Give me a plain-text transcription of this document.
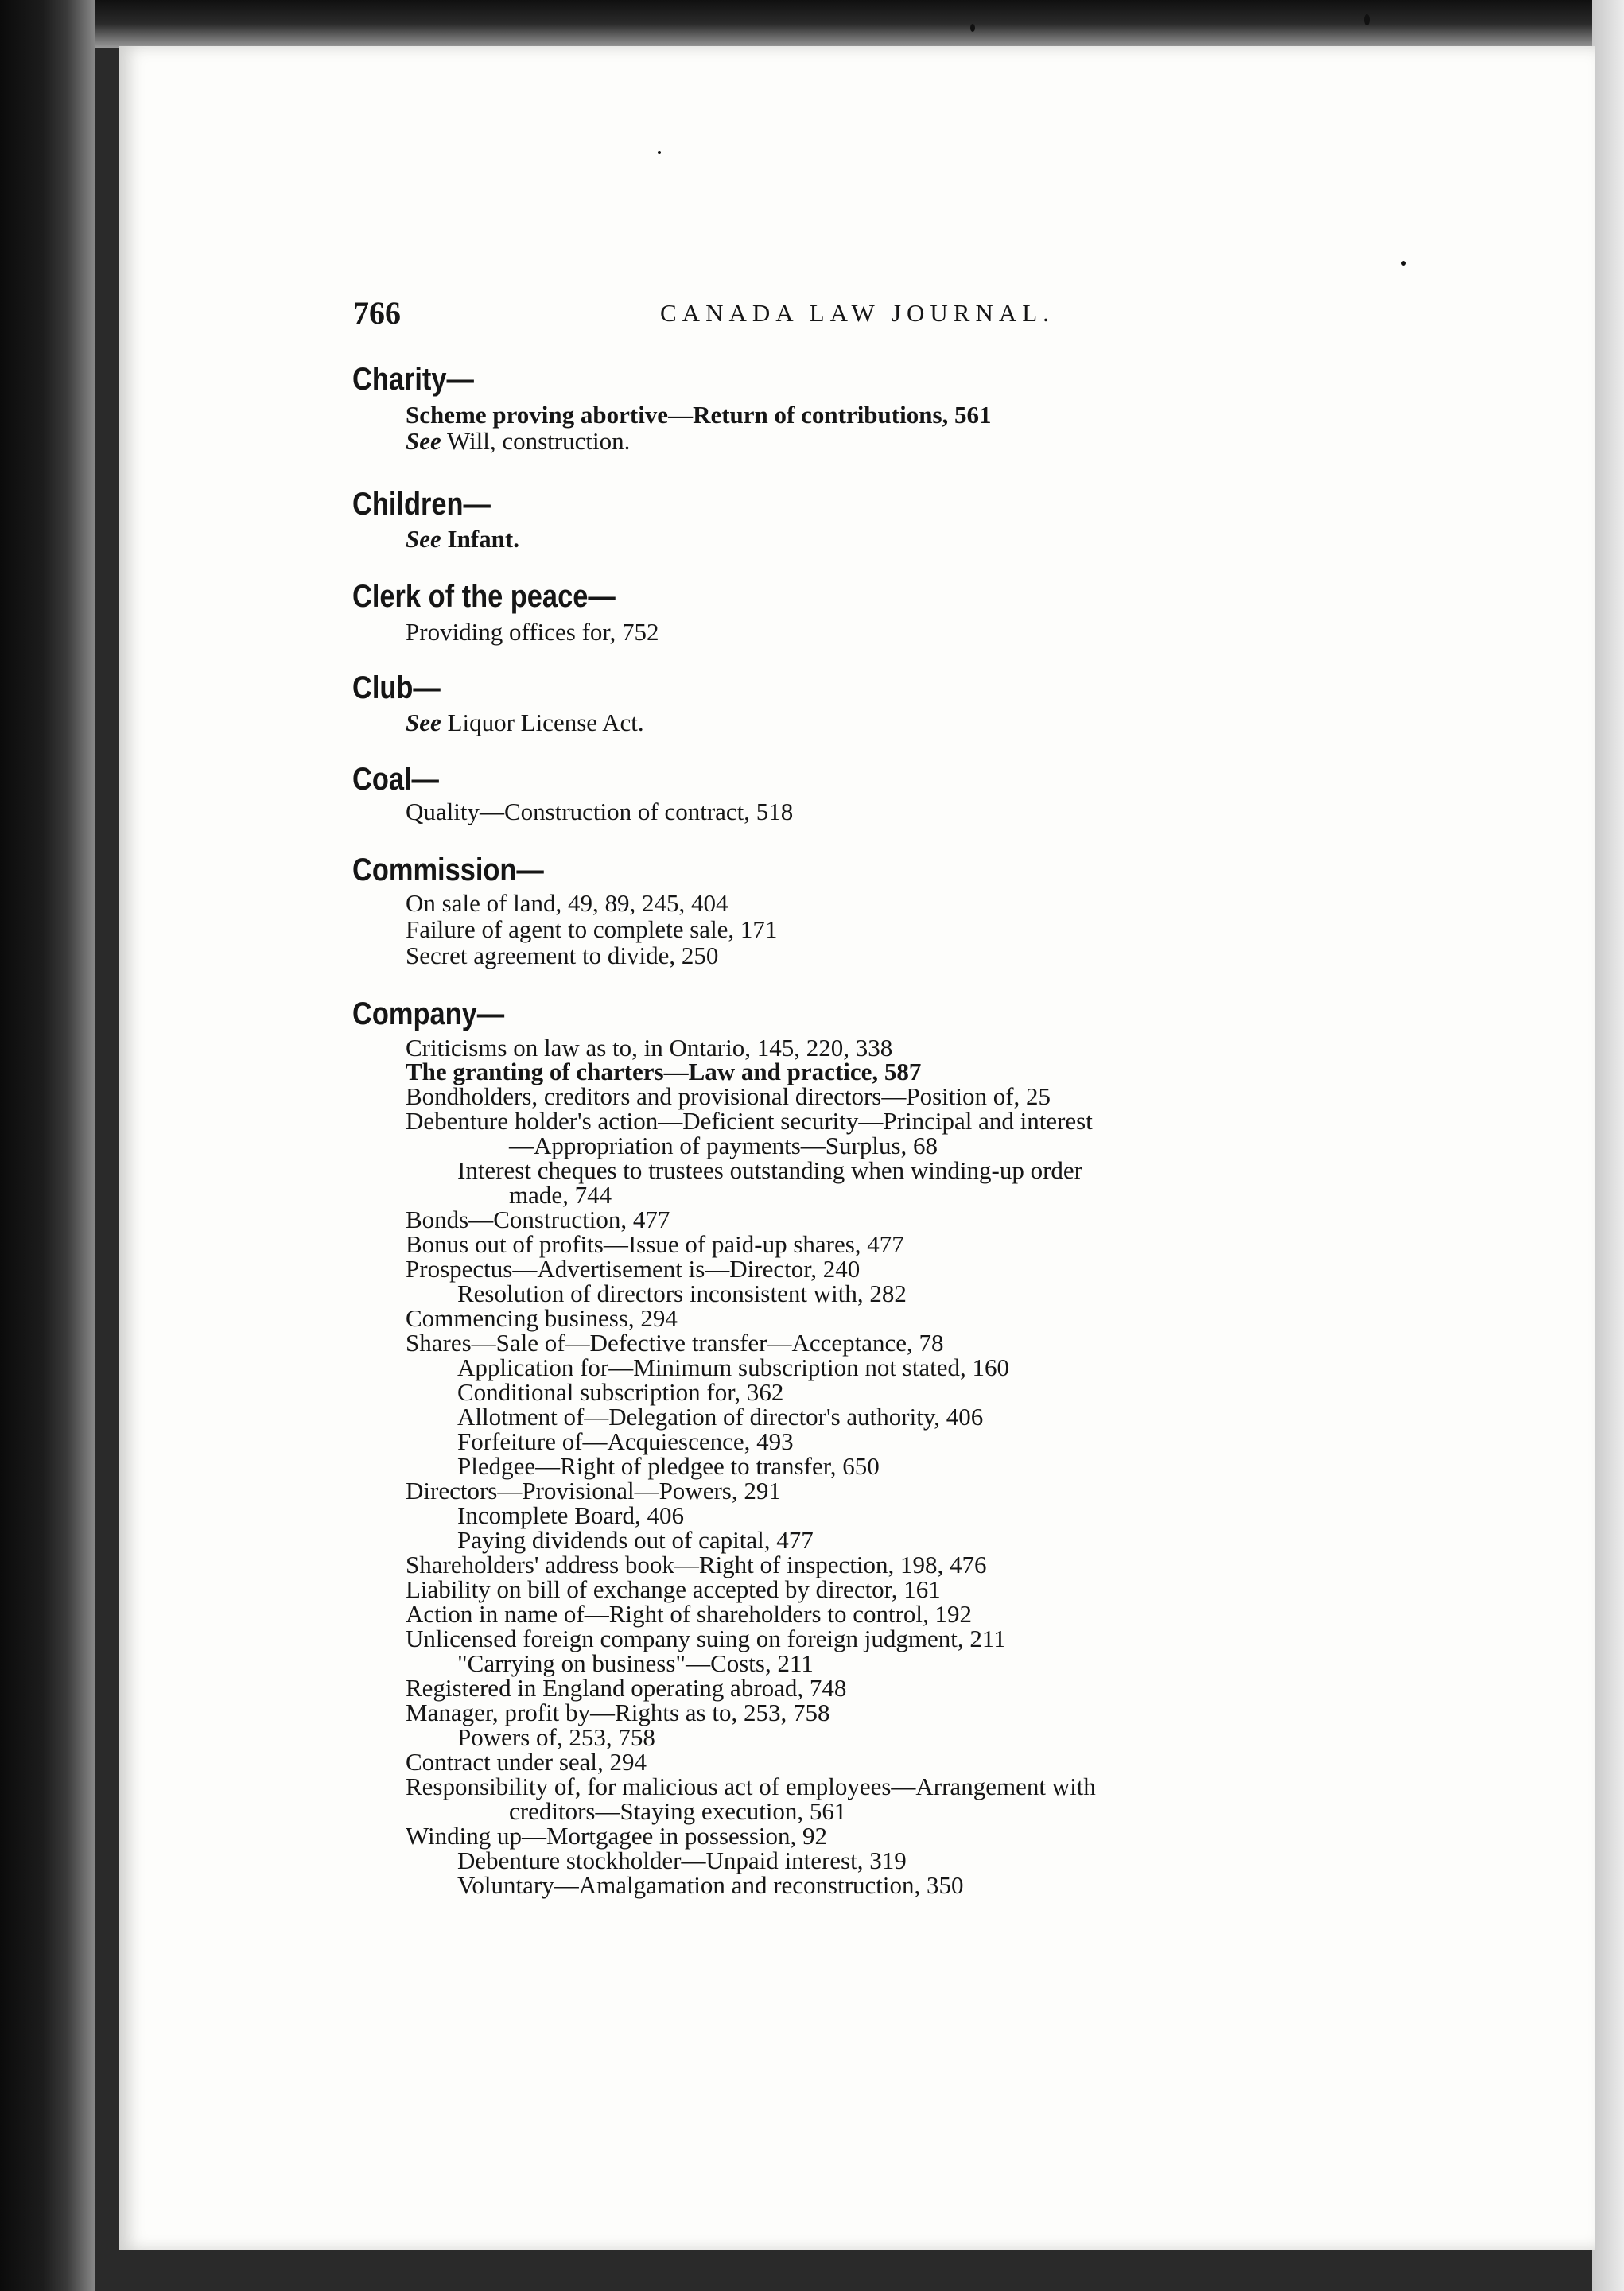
766	CANADA LAW JOURNAL.
Charity—

Scheme proving abortive—Return of contributions, 561

See Will, construction.

Children—

See Infant.

Clerk of the peace—

Providing offices for, 752

Club—

See Liquor License Act.

Coal—

Quality—Construction of contract, 518

Commission—

On sale of land, 49, 89, 245, 404

Failure of agent to complete sale, 171

Secret agreement to divide, 250

Company—

Criticisms on law as to, in Ontario, 145, 220, 338

The granting of charters—Law and practice, 587

Bondholders, creditors and provisional directors—Position of, 25

Debenture holder's action—Deficient security—Principal and interest

—Appropriation of payments—Surplus, 68

Interest cheques to trustees outstanding when winding-up order

made, 744

Bonds—Construction, 477

Bonus out of profits—Issue of paid-up shares, 477

Prospectus—Advertisement is—Director, 240

Resolution of directors inconsistent with, 282

Commencing business, 294

Shares—Sale of—Defective transfer—Acceptance, 78

Application for—Minimum subscription not stated, 160

Conditional subscription for, 362

Allotment of—Delegation of director's authority, 406

Forfeiture of—Acquiescence, 493

Pledgee—Right of pledgee to transfer, 650

Directors—Provisional—Powers, 291

Incomplete Board, 406

Paying dividends out of capital, 477

Shareholders' address book—Right of inspection, 198, 476

Liability on bill of exchange accepted by director, 161

Action in name of—Right of shareholders to control, 192

Unlicensed foreign company suing on foreign judgment, 211

"Carrying on business"—Costs, 211

Registered in England operating abroad, 748

Manager, profit by—Rights as to, 253, 758

Powers of, 253, 758

Contract under seal, 294

Responsibility of, for malicious act of employees—Arrangement with

creditors—Staying execution, 561

Winding up—Mortgagee in possession, 92

Debenture stockholder—Unpaid interest, 319

Voluntary—Amalgamation and reconstruction, 350
